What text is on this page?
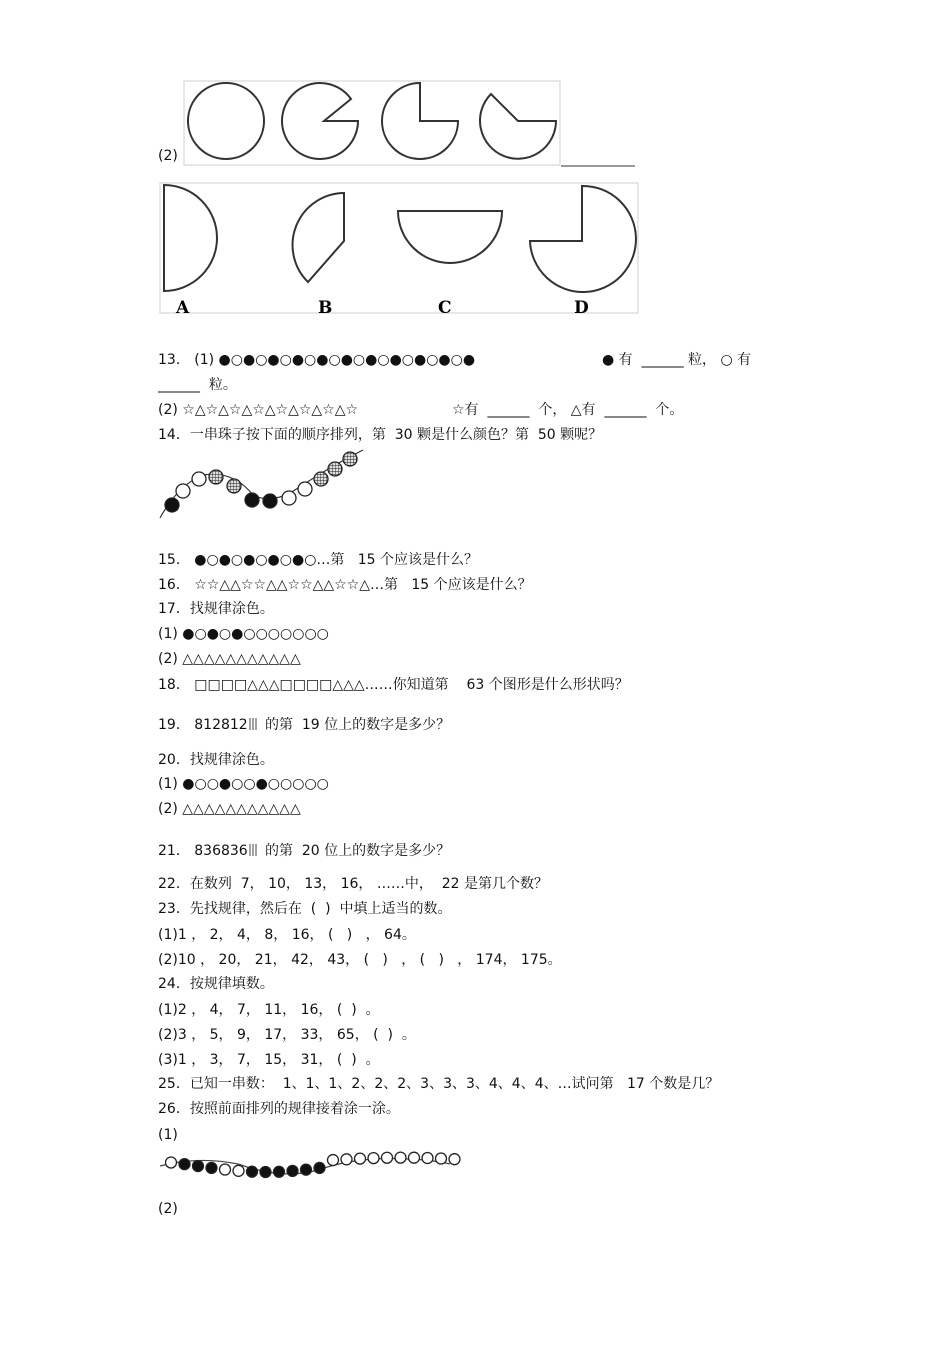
(2)
A	B	C	D
13． (1) ●○●○●○●○●○●○●○●○●○●○●	● 有  ______ 粒， ○ 有
______  粒。
(2) ☆△☆△☆△☆△☆△☆△☆△☆	☆有  ______  个， △有  ______  个。
14．一串珠子按下面的顺序排列，第  30 颗是什么颜色？第  50 颗呢？
15． ●○●○●○●○●○…第   15 个应该是什么？
16． ☆☆△△☆☆△△☆☆△△☆☆△…第   15 个应该是什么？
17．找规律涂色。
(1) ●○●○●○○○○○○○
(2) △△△△△△△△△△△
18． □□□□△△△□□□□△△△……你知道第    63 个图形是什么形状吗？
19． 812812 的第  19 位上的数字是多少？
20．找规律涂色。
(1) ●○○●○○●○○○○○
(2) △△△△△△△△△△△
21． 836836 的第  20 位上的数字是多少？
22．在数列  7， 10， 13， 16， ……中，  22 是第几个数？
23．先找规律，然后在  (  )  中填上适当的数。
(1)1 ， 2， 4， 8， 16， (   )   ， 64。
(2)10 ， 20， 21， 42， 43， (   )   ， (   )   ， 174， 175。
24．按规律填数。
(1)2 ， 4， 7， 11， 16， (  )  。
(2)3 ， 5， 9， 17， 33， 65， (  )  。
(3)1 ， 3， 7， 15， 31， (  )  。
25．已知一串数：  1、1、1、2、2、2、3、3、3、4、4、4、…试问第   17 个数是几？
26．按照前面排列的规律接着涂一涂。
(1)
(2)
